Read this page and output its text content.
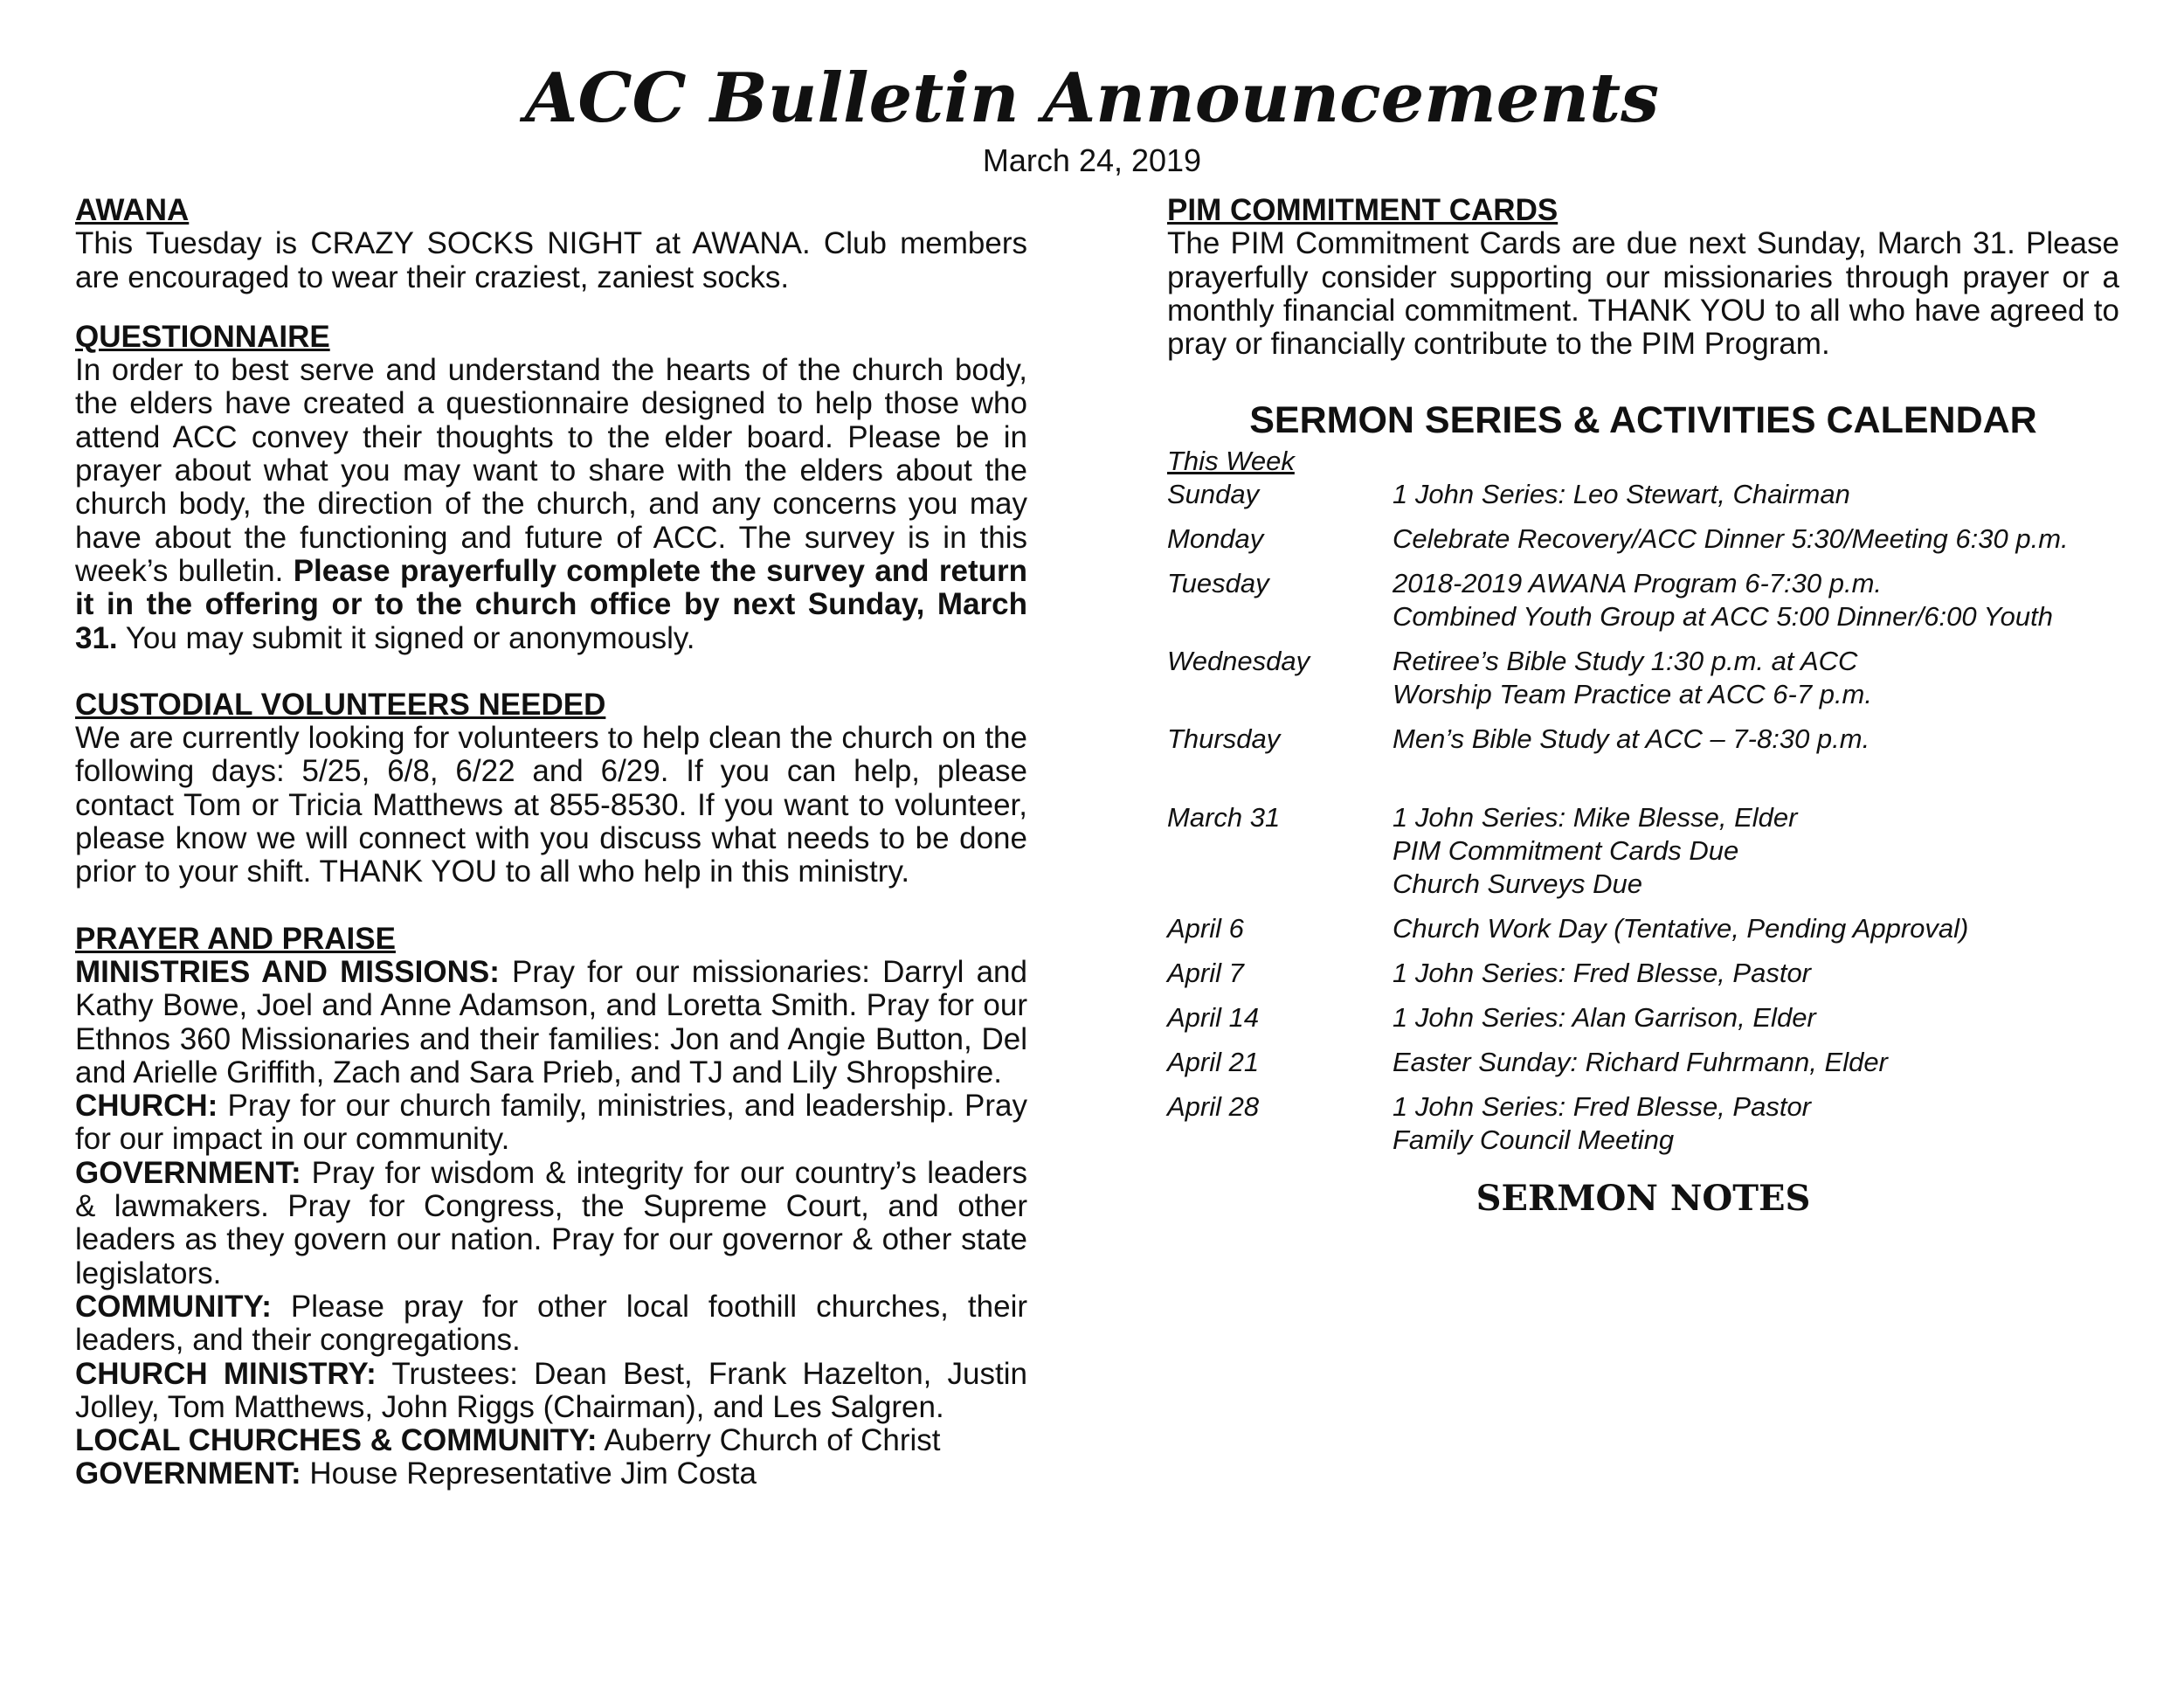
ACC Bulletin Announcements
March 24, 2019
AWANA
This Tuesday is CRAZY SOCKS NIGHT at AWANA. Club members are encouraged to wear their craziest, zaniest socks.
QUESTIONNAIRE
In order to best serve and understand the hearts of the church body, the elders have created a questionnaire designed to help those who attend ACC convey their thoughts to the elder board. Please be in prayer about what you may want to share with the elders about the church body, the direction of the church, and any concerns you may have about the functioning and future of ACC. The survey is in this week’s bulletin. Please prayerfully complete the survey and return it in the offering or to the church office by next Sunday, March 31. You may submit it signed or anonymously.
CUSTODIAL VOLUNTEERS NEEDED
We are currently looking for volunteers to help clean the church on the following days: 5/25, 6/8, 6/22 and 6/29. If you can help, please contact Tom or Tricia Matthews at 855-8530. If you want to volunteer, please know we will connect with you discuss what needs to be done prior to your shift. THANK YOU to all who help in this ministry.
PRAYER AND PRAISE
MINISTRIES AND MISSIONS: Pray for our missionaries: Darryl and Kathy Bowe, Joel and Anne Adamson, and Loretta Smith. Pray for our Ethnos 360 Missionaries and their families: Jon and Angie Button, Del and Arielle Griffith, Zach and Sara Prieb, and TJ and Lily Shropshire.
CHURCH: Pray for our church family, ministries, and leadership. Pray for our impact in our community.
GOVERNMENT: Pray for wisdom & integrity for our country’s leaders & lawmakers. Pray for Congress, the Supreme Court, and other leaders as they govern our nation. Pray for our governor & other state legislators.
COMMUNITY: Please pray for other local foothill churches, their leaders, and their congregations.
CHURCH MINISTRY: Trustees: Dean Best, Frank Hazelton, Justin Jolley, Tom Matthews, John Riggs (Chairman), and Les Salgren.
LOCAL CHURCHES & COMMUNITY: Auberry Church of Christ
GOVERNMENT: House Representative Jim Costa
PIM COMMITMENT CARDS
The PIM Commitment Cards are due next Sunday, March 31. Please prayerfully consider supporting our missionaries through prayer or a monthly financial commitment. THANK YOU to all who have agreed to pray or financially contribute to the PIM Program.
SERMON SERIES & ACTIVITIES CALENDAR
This Week
Sunday	1 John Series: Leo Stewart, Chairman
Monday	Celebrate Recovery/ACC Dinner 5:30/Meeting 6:30 p.m.
Tuesday	2018-2019 AWANA Program 6-7:30 p.m.
Combined Youth Group at ACC 5:00 Dinner/6:00 Youth
Wednesday	Retiree’s Bible Study 1:30 p.m. at ACC
Worship Team Practice at ACC 6-7 p.m.
Thursday	Men’s Bible Study at ACC – 7-8:30 p.m.
March 31	1 John Series: Mike Blesse, Elder
PIM Commitment Cards Due
Church Surveys Due
April 6	Church Work Day (Tentative, Pending Approval)
April 7	1 John Series: Fred Blesse, Pastor
April 14	1 John Series: Alan Garrison, Elder
April 21	Easter Sunday: Richard Fuhrmann, Elder
April 28	1 John Series: Fred Blesse, Pastor
Family Council Meeting
SERMON NOTES
